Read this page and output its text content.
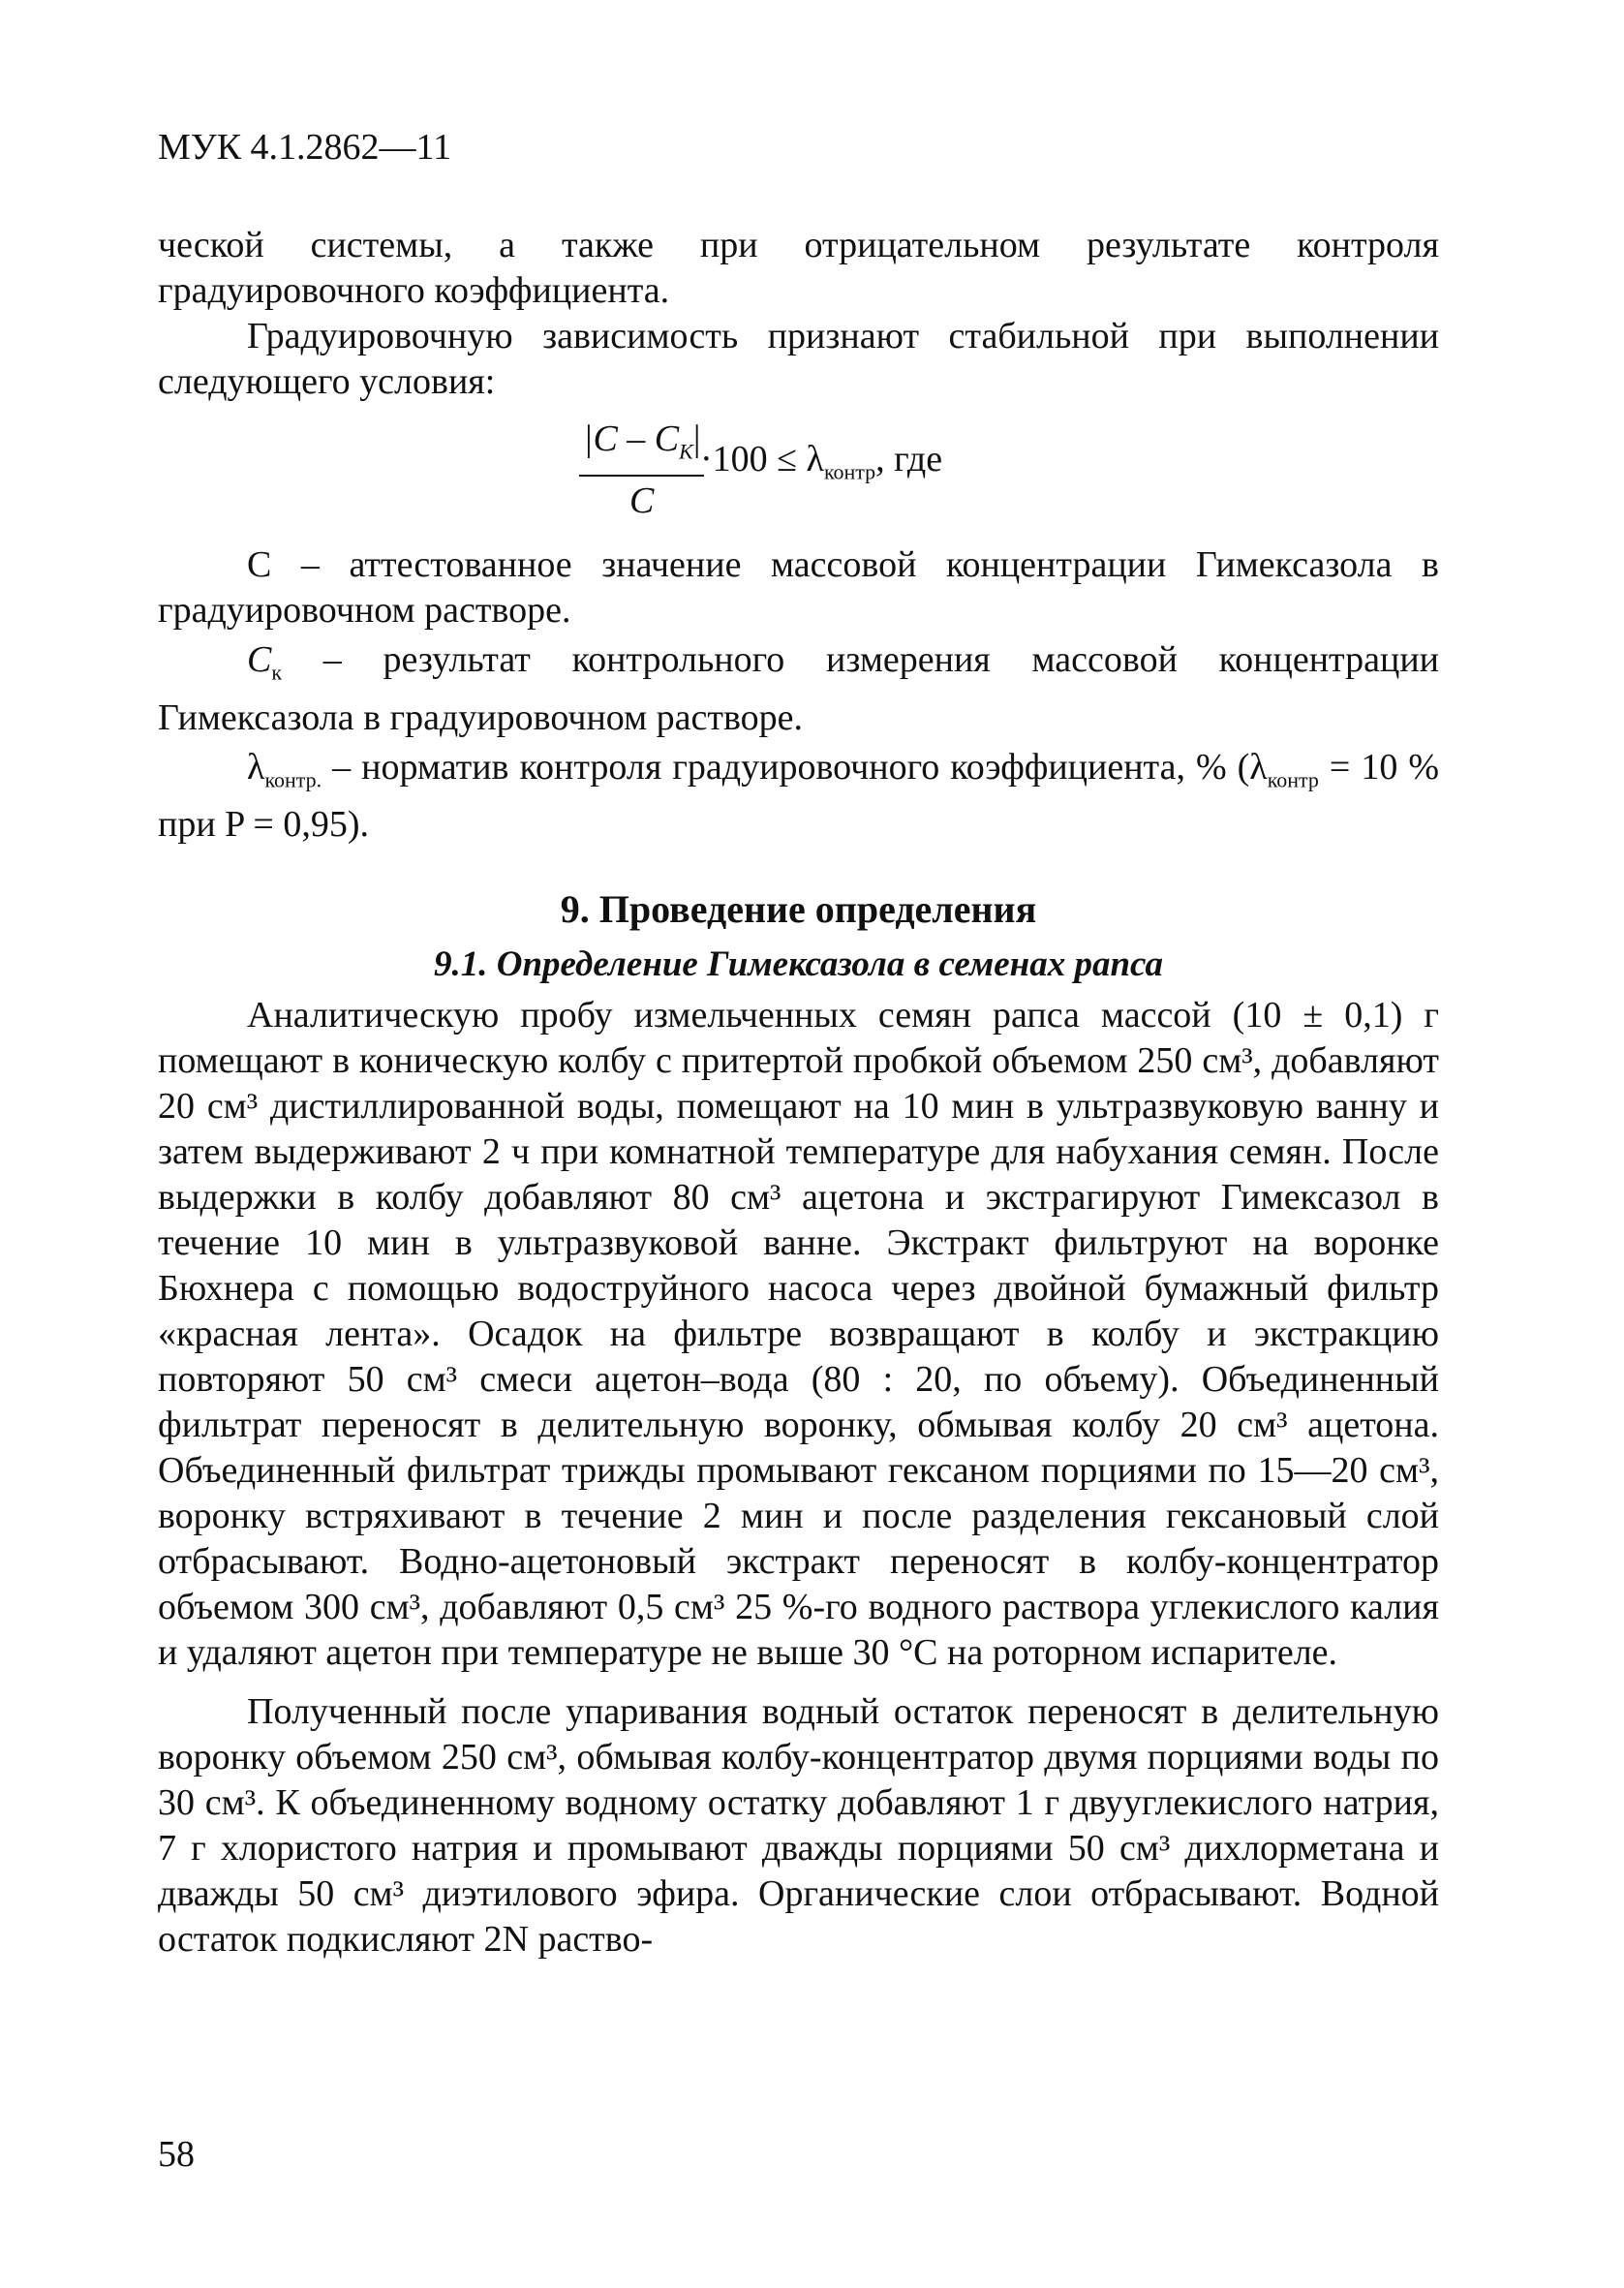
МУК 4.1.2862—11

ческой системы, а также при отрицательном результате контроля градуировочного коэффициента.

Градуировочную зависимость признают стабильной при выполнении следующего условия:

$\frac{|C - C_K|}{C}$
$\cdot 100 \le \lambda_{контр}$, где

C – аттестованное значение массовой концентрации Гимексазола в градуировочном растворе.

$C_к$ – результат контрольного измерения массовой концентрации Гимексазола в градуировочном растворе.

$\lambda_{контр.}$ – норматив контроля градуировочного коэффициента, % ($\lambda_{контр} = 10$ % при P = 0,95).

9. Проведение определения
9.1. Определение Гимексазола в семенах рапса

Аналитическую пробу измельченных семян рапса массой (10 ± 0,1) г помещают в коническую колбу с притертой пробкой объемом 250 см³, добавляют 20 см³ дистиллированной воды, помещают на 10 мин в ультразвуковую ванну и затем выдерживают 2 ч при комнатной температуре для набухания семян. После выдержки в колбу добавляют 80 см³ ацетона и экстрагируют Гимексазол в течение 10 мин в ультразвуковой ванне. Экстракт фильтруют на воронке Бюхнера с помощью водоструйного насоса через двойной бумажный фильтр «красная лента». Осадок на фильтре возвращают в колбу и экстракцию повторяют 50 см³ смеси ацетон–вода (80 : 20, по объему). Объединенный фильтрат переносят в делительную воронку, обмывая колбу 20 см³ ацетона. Объединенный фильтрат трижды промывают гексаном порциями по 15—20 см³, воронку встряхивают в течение 2 мин и после разделения гексановый слой отбрасывают. Водно-ацетоновый экстракт переносят в колбу-концентратор объемом 300 см³, добавляют 0,5 см³ 25 %-го водного раствора углекислого калия и удаляют ацетон при температуре не выше 30 °С на роторном испарителе.

Полученный после упаривания водный остаток переносят в делительную воронку объемом 250 см³, обмывая колбу-концентратор двумя порциями воды по 30 см³. К объединенному водному остатку добавляют 1 г двууглекислого натрия, 7 г хлористого натрия и промывают дважды порциями 50 см³ дихлорметана и дважды 50 см³ диэтилового эфира. Органические слои отбрасывают. Водной остаток подкисляют 2N раство-

58
